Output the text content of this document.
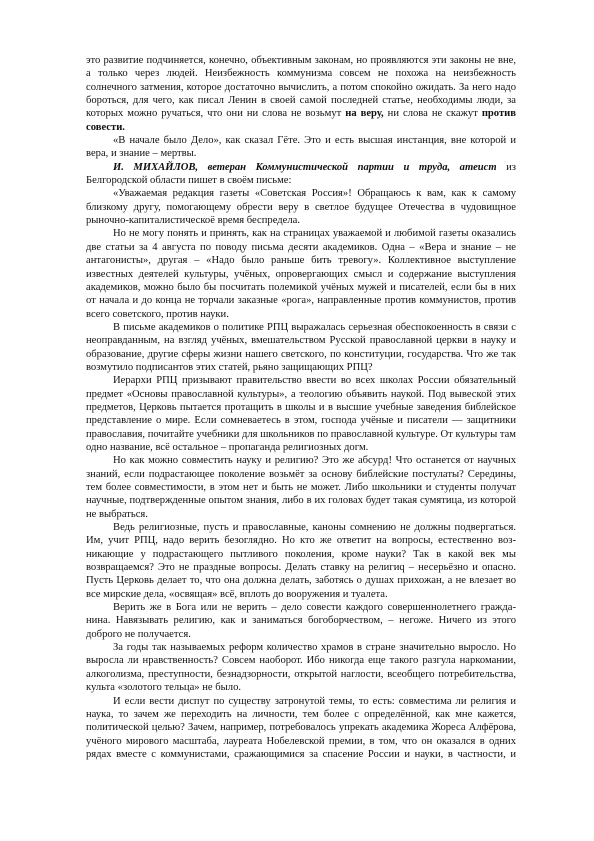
это развитие подчиняется, конечно, объективным законам, но проявляются эти законы не вне, а только через людей. Неизбежность коммунизма совсем не похожа на неизбежность солнечного затмения, которое достаточно вычислить, а потом спокойно ожидать. За него надо бороться, для чего, как писал Ленин в своей самой последней статье, необходимы люди, за которых можно ручаться, что они ни слова не возьмут на веру, ни слова не скажут против совести.

«В начале было Дело», как сказал Гёте. Это и есть высшая инстанция, вне которой и вера, и знание – мертвы.

И. МИХАЙЛОВ, ветеран Коммунистической партии и труда, атеист из Белгородской области пишет в своём письме:

«Уважаемая редакция газеты «Советская Россия»! Обращаюсь к вам, как к самому близкому другу, помогающему обрести веру в светлое будущее Отечества в чудовищное рыночно-капиталистическоё время беспредела.

Но не могу понять и принять, как на страницах уважаемой и любимой газеты оказались две статьи за 4 августа по поводу письма десяти академиков. Одна – «Вера и знание – не антагонисты», другая – «Надо было раньше бить тревогу». Коллективное выступление известных деятелей культуры, учёных, опровергающих смысл и содержание выступления академиков, можно было бы посчитать полемикой учёных мужей и писателей, если бы в них от начала и до конца не торчали заказные «рога», направленные против коммунистов, против всего советского, против науки.

В письме академиков о политике РПЦ выражалась серьезная обеспокоенность в связи с неоправданным, на взгляд учёных, вмешательством Русской православной церкви в науку и образование, другие сферы жизни нашего светского, по конституции, государства. Что же так возмутило подписантов этих статей, рьяно защищающих РПЦ?

Иерархи РПЦ призывают правительство ввести во всех школах России обязательный предмет «Основы православной культуры», а теологию объявить наукой. Под вывеской этих предметов, Церковь пытается протащить в школы и в высшие учебные заведения библейское представление о мире. Если сомневаетесь в этом, господа учёные и писатели — защитники православия, почитайте учебники для школьников по православной культуре. От культуры там одно название, всё остальное – пропаганда религиозных догм.

Но как можно совместить науку и религию? Это же абсурд! Что останется от научных знаний, если подрастающее поколение возьмёт за основу библейские постулаты? Середины, тем более совместимости, в этом нет и быть не может. Либо школьники и студенты получат научные, подтвержденные опытом знания, либо в их головах будет такая сумятица, из которой не выбраться.

Ведь религиозные, пусть и православные, каноны сомнению не должны подвергаться. Им, учит РПЦ, надо верить безоглядно. Но кто же ответит на вопросы, естественно воз-никающие у подрастающего пытливого поколения, кроме науки? Так в какой век мы возвращаемся? Это не праздные вопросы. Делать ставку на религиq – несерьёзно и опасно. Пусть Церковь делает то, что она должна делать, заботясь о душах прихожан, а не влезает во все мирские дела, «освящая» всё, вплоть до вооружения и туалета.

Верить же в Бога или не верить – дело совести каждого совершеннолетнего гражда-нина. Навязывать религию, как и заниматься богоборчеством, – негоже. Ничего из этого доброго не получается.

За годы так называемых реформ количество храмов в стране значительно выросло. Но выросла ли нравственность? Совсем наоборот. Ибо никогда еще такого разгула наркомании, алкоголизма, преступности, безнадзорности, открытой наглости, всеобщего потребительства, культа «золотого тельца» не было.

И если вести диспут по существу затронутой темы, то есть: совместима ли религия и наука, то зачем же переходить на личности, тем более с определённой, как мне кажется, политической целью? Зачем, например, потребовалось упрекать академика Жореса Алфёрова, учёного мирового масштаба, лауреата Нобелевской премии, в том, что он оказался в одних рядах вместе с коммунистами, сражающимися за спасение России и науки, в частности, и
